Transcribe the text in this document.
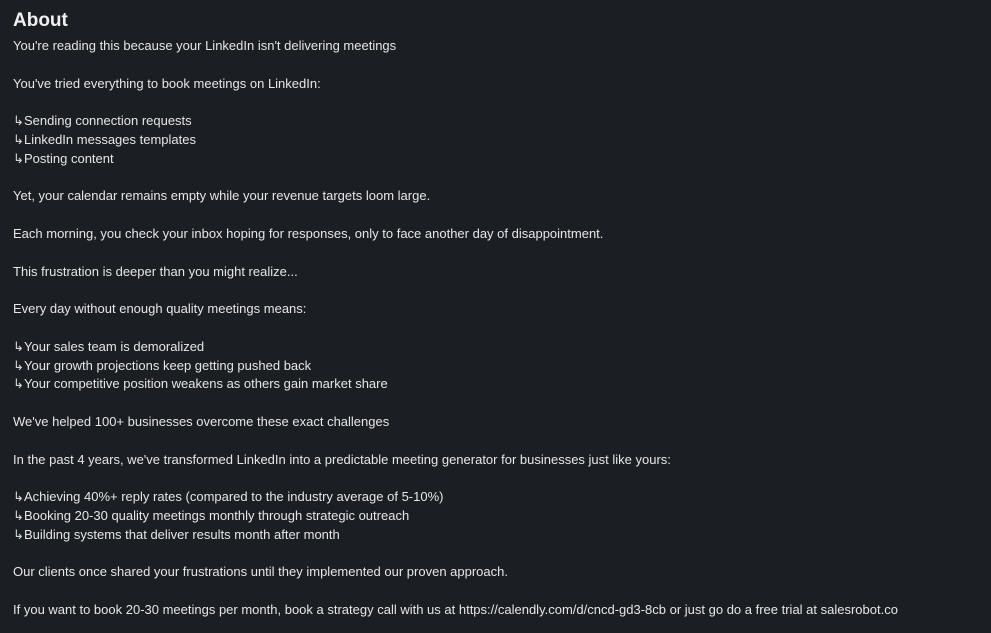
About
You're reading this because your LinkedIn isn't delivering meetings
You've tried everything to book meetings on LinkedIn:
↳Sending connection requests
↳LinkedIn messages templates
↳Posting content
Yet, your calendar remains empty while your revenue targets loom large.
Each morning, you check your inbox hoping for responses, only to face another day of disappointment.
This frustration is deeper than you might realize...
Every day without enough quality meetings means:
↳Your sales team is demoralized
↳Your growth projections keep getting pushed back
↳Your competitive position weakens as others gain market share
We've helped 100+ businesses overcome these exact challenges
In the past 4 years, we've transformed LinkedIn into a predictable meeting generator for businesses just like yours:
↳Achieving 40%+ reply rates (compared to the industry average of 5-10%)
↳Booking 20-30 quality meetings monthly through strategic outreach
↳Building systems that deliver results month after month
Our clients once shared your frustrations until they implemented our proven approach.
If you want to book 20-30 meetings per month, book a strategy call with us at https://calendly.com/d/cncd-gd3-8cb or just go do a free trial at salesrobot.co
